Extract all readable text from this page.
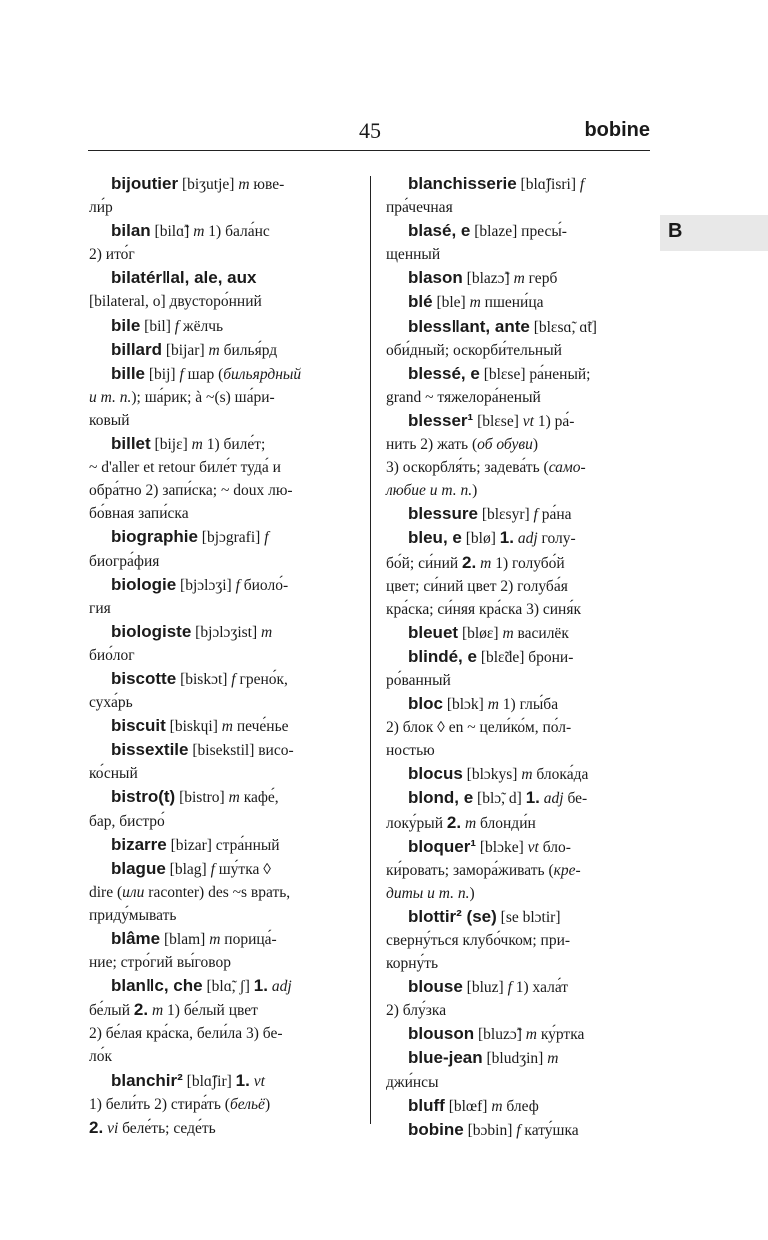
45	bobine
B
bijoutier [biʒutje] m юве-
ли́р
bilan [bilɑ̃] m 1) бала́нс
2) ито́г
bilatér‖al, ale, aux
[bilateral, o] двусторо́нний
bile [bil] f жёлчь
billard [bijar] m билья́рд
bille [bij] f шар (бильярдный
и т. п.); ша́рик; à ~(s) ша́ри-
ковый
billet [bijɛ] m 1) биле́т;
~ d'aller et retour биле́т туда́ и
обра́тно 2) запи́ска; ~ doux лю-
бо́вная запи́ска
biographie [bjɔgrafi] f
биогра́фия
biologie [bjɔlɔʒi] f биоло́-
гия
biologiste [bjɔlɔʒist] m
био́лог
biscotte [biskɔt] f грено́к,
суха́рь
biscuit [biskɥi] m пече́нье
bissextile [bisekstil] висо-
ко́сный
bistro(t) [bistro] m кафе́,
бар, бистро́
bizarre [bizar] стра́нный
blague [blag] f шу́тка ◊
dire (или raconter) des ~s врать,
приду́мывать
blâme [blam] m порица́-
ние; стро́гий вы́говор
blan‖c, che [blɑ̃, ʃ] 1. adj
бе́лый 2. m 1) бе́лый цвет
2) бе́лая кра́ска, бели́ла 3) бе-
ло́к
blanchir² [blɑ̃ʃir] 1. vt
1) бели́ть 2) стира́ть (бельё)
2. vi беле́ть; седе́ть
blanchisserie [blɑ̃ʃisri] f
пра́чечная
blasé, e [blaze] пресы́-
щенный
blason [blazɔ̃] m герб
blé [ble] m пшени́ца
bless‖ant, ante [blɛsɑ̃, ɑ̃t]
оби́дный; оскорби́тельный
blessé, e [blɛse] ра́неный;
grand ~ тяжелора́неный
blesser¹ [blɛse] vt 1) ра́-
нить 2) жать (об обуви)
3) оскорбля́ть; задева́ть (само-
любие и т. п.)
blessure [blɛsyr] f ра́на
bleu, e [blø] 1. adj голу-
бо́й; си́ний 2. m 1) голубо́й
цвет; си́ний цвет 2) голуба́я
кра́ска; си́няя кра́ска 3) синя́к
bleuet [bløɛ] m василёк
blindé, e [blɛ̃de] брони-
ро́ванный
bloc [blɔk] m 1) глы́ба
2) блок ◊ en ~ цели́ко́м, по́л-
ностью
blocus [blɔkys] m блока́да
blond, e [blɔ̃, d] 1. adj бе-
локу́рый 2. m блонди́н
bloquer¹ [blɔke] vt бло-
ки́ровать; замора́живать (кре-
диты и т. п.)
blottir² (se) [se blɔtir]
сверну́ться клубо́чком; при-
корну́ть
blouse [bluz] f 1) хала́т
2) блу́зка
blouson [bluzɔ̃] m ку́ртка
blue-jean [bludʒin] m
джи́нсы
bluff [blœf] m блеф
bobine [bɔbin] f кату́шка
